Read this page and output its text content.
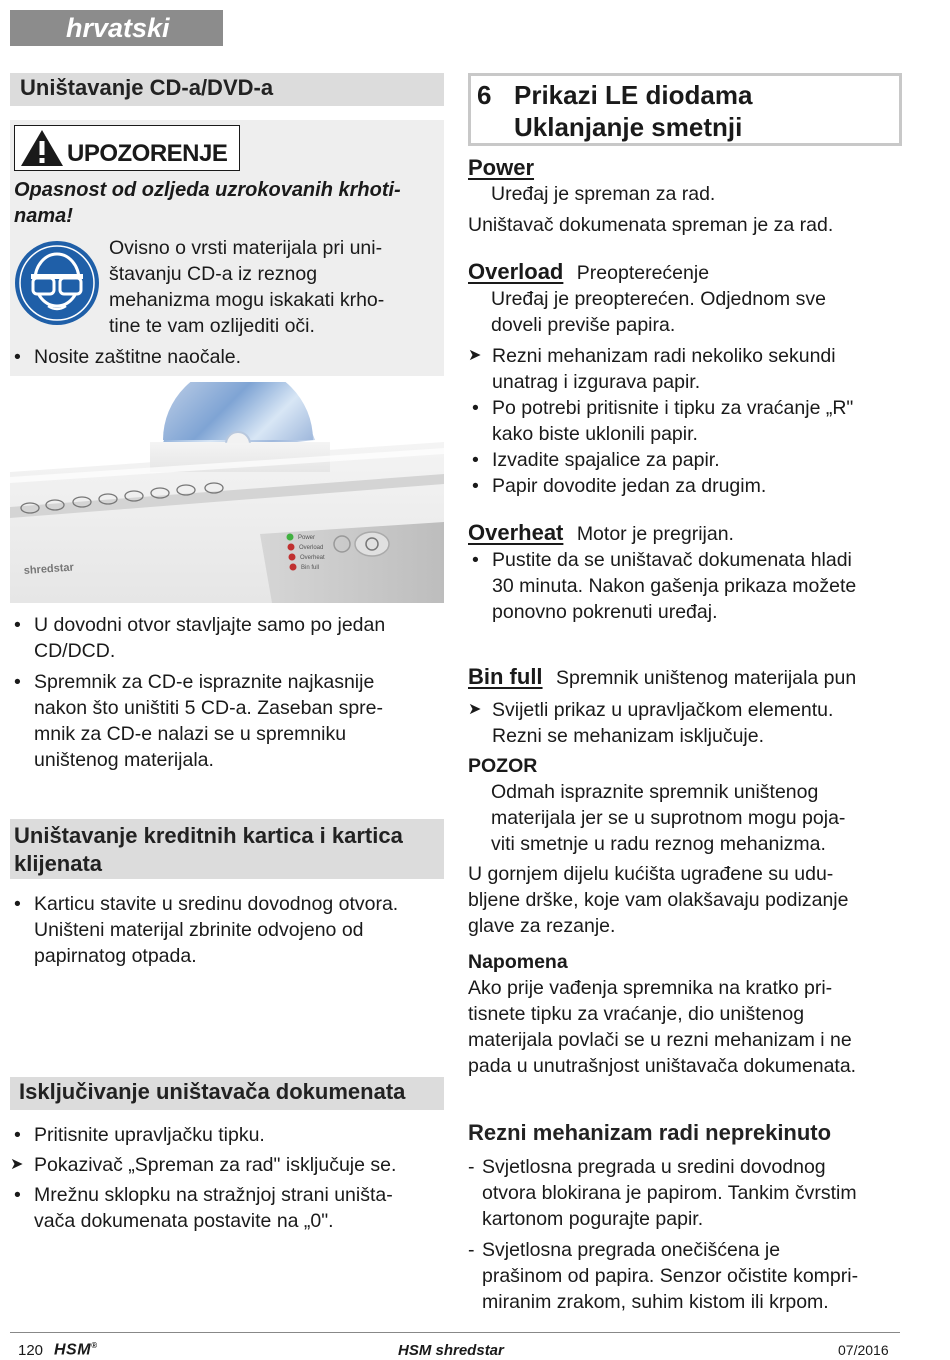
hrvatski
Uništavanje CD-a/DVD-a
UPOZORENJE
Opasnost od ozljeda uzrokovanih krhoti-
nama!
Ovisno o vrsti materijala pri uni-
štavanju CD-a iz reznog
mehanizma mogu iskakati krho-
tine te vam ozlijediti oči.
• Nosite zaštitne naočale.
Power
Overload
Overheat
Bin full
shredstar
• U dovodni otvor stavljajte samo po jedan
CD/DCD.
• Spremnik za CD-e ispraznite najkasnije
nakon što uništiti 5 CD-a. Zaseban spre-
mnik za CD-e nalazi se u spremniku
uništenog materijala.
Uništavanje kreditnih kartica i kartica
klijenata
• Karticu stavite u sredinu dovodnog otvora.
Uništeni materijal zbrinite odvojeno od
papirnatog otpada.
Isključivanje uništavača dokumenata
• Pritisnite upravljačku tipku.
➤ Pokazivač „Spreman za rad" isključuje se.
• Mrežnu sklopku na stražnjoj strani uništa-
vača dokumenata postavite na „0".
6 Prikazi LE diodama
Uklanjanje smetnji
Power
Uređaj je spreman za rad.
Uništavač dokumenata spreman je za rad.
Overload Preopterećenje
Uređaj je preopterećen. Odjednom sve
doveli previše papira.
➤ Rezni mehanizam radi nekoliko sekundi
unatrag i izgurava papir.
• Po potrebi pritisnite i tipku za vraćanje „R"
kako biste uklonili papir.
• Izvadite spajalice za papir.
• Papir dovodite jedan za drugim.
Overheat Motor je pregrijan.
• Pustite da se uništavač dokumenata hladi
30 minuta. Nakon gašenja prikaza možete
ponovno pokrenuti uređaj.
Bin full Spremnik uništenog materijala pun
➤ Svijetli prikaz u upravljačkom elementu.
Rezni se mehanizam isključuje.
POZOR
Odmah ispraznite spremnik uništenog
materijala jer se u suprotnom mogu poja-
viti smetnje u radu reznog mehanizma.
U gornjem dijelu kućišta ugrađene su udu-
bljene drške, koje vam olakšavaju podizanje
glave za rezanje.
Napomena
Ako prije vađenja spremnika na kratko pri-
tisnete tipku za vraćanje, dio uništenog
materijala povlači se u rezni mehanizam i ne
pada u unutrašnjost uništavača dokumenata.
Rezni mehanizam radi neprekinuto
- Svjetlosna pregrada u sredini dovodnog
otvora blokirana je papirom. Tankim čvrstim
kartonom pogurajte papir.
- Svjetlosna pregrada onečišćena je
prašinom od papira. Senzor očistite kompri-
miranim zrakom, suhim kistom ili krpom.
120 HSM®	HSM shredstar	07/2016
